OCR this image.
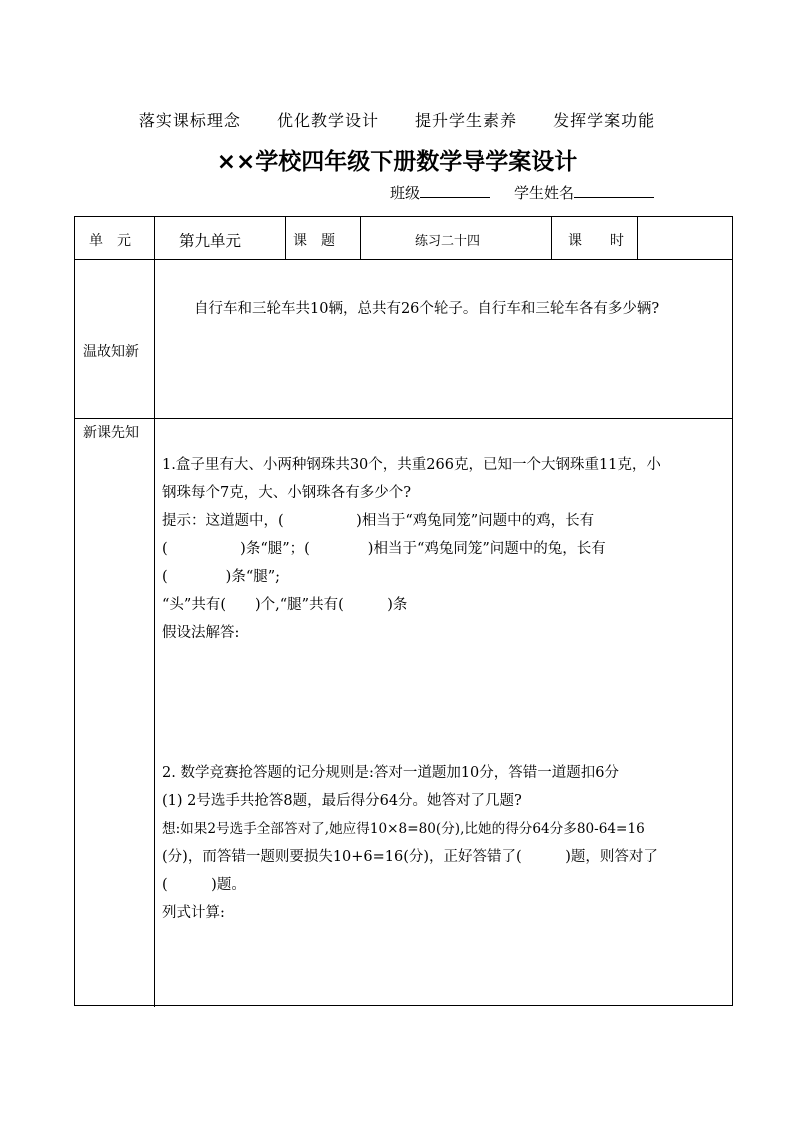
落实课标理念 优化教学设计 提升学生素养 发挥学案功能
××学校四年级下册数学导学案设计
班级	学生姓名
单　元	第九单元	课　题	练习二十四	课　　时
温故知新
自行车和三轮车共10辆，总共有26个轮子。自行车和三轮车各有多少辆?
新课先知

1.盒子里有大、小两种钢珠共30个，共重266克，已知一个大钢珠重11克，小

钢珠每个7克，大、小钢珠各有多少个?

提示：这道题中，(　　　　　)相当于“鸡兔同笼”问题中的鸡，长有

(　　　　　)条“腿”；(　　　　)相当于“鸡兔同笼”问题中的兔，长有

(　　　　)条“腿”;

“头”共有(　　)个,“腿”共有(　　　)条

假设法解答:

2. 数学竞赛抢答题的记分规则是:答对一道题加10分，答错一道题扣6分

(1) 2号选手共抢答8题，最后得分64分。她答对了几题?

想:如果2号选手全部答对了,她应得10×8=80(分),比她的得分64分多80-64=16

(分)，而答错一题则要损失10+6=16(分)，正好答错了(　　　)题，则答对了

(　　　)题。

列式计算:
